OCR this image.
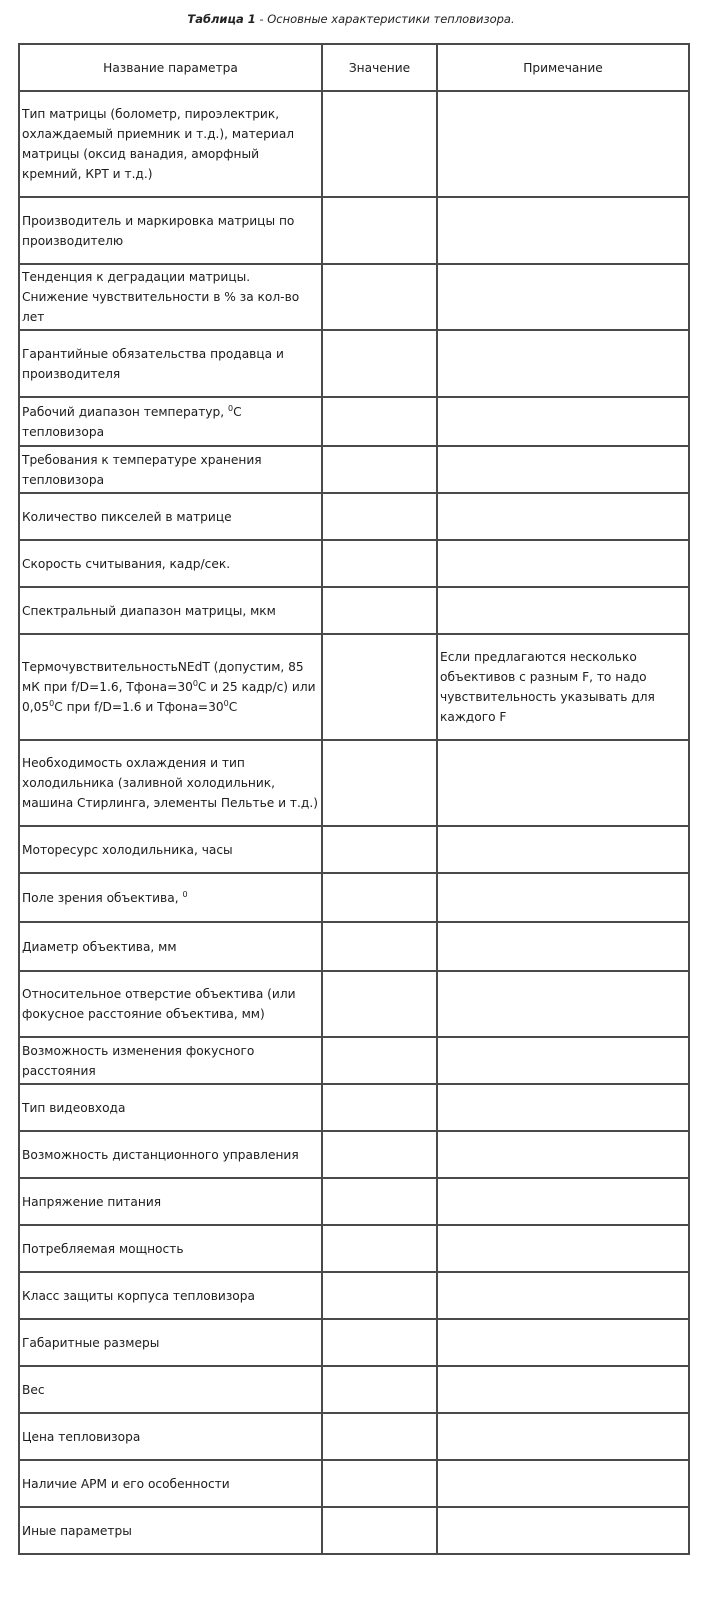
Таблица 1 - Основные характеристики тепловизора.
Название параметра	Значение	Примечание
Тип матрицы (болометр, пироэлектрик, охлаждаемый приемник и т.д.), материал матрицы (оксид ванадия, аморфный кремний, КРТ и т.д.)		
Производитель и маркировка матрицы по производителю		
Тенденция к деградации матрицы. Снижение чувствительности в % за кол-во лет		
Гарантийные обязательства продавца и производителя		
Рабочий диапазон температур, $^0$С тепловизора		
Требования к температуре хранения тепловизора		
Количество пикселей в матрице		
Скорость считывания, кадр/сек.		
Спектральный диапазон матрицы, мкм		
ТермочувствительностьNEdT (допустим, 85 мК при f/D=1.6, $Тфона=30^0С$ и 25 кадр/с) или 0,05$^0$С при f/D=1.6 и $Тфона=30^0С$		Если предлагаются несколько объективов с разным F, то надо чувствительность указывать для каждого F
Необходимость охлаждения и тип холодильника (заливной холодильник, машина Стирлинга, элементы Пельтье и т.д.)		
Моторесурс холодильника, часы		
Поле зрения объектива, $^0$		
Диаметр объектива, мм		
Относительное отверстие объектива (или фокусное расстояние объектива, мм)		
Возможность изменения фокусного расстояния		
Тип видеовхода		
Возможность дистанционного управления		
Напряжение питания		
Потребляемая мощность		
Класс защиты корпуса тепловизора		
Габаритные размеры		
Вес		
Цена тепловизора		
Наличие АРМ и его особенности		
Иные параметры		
